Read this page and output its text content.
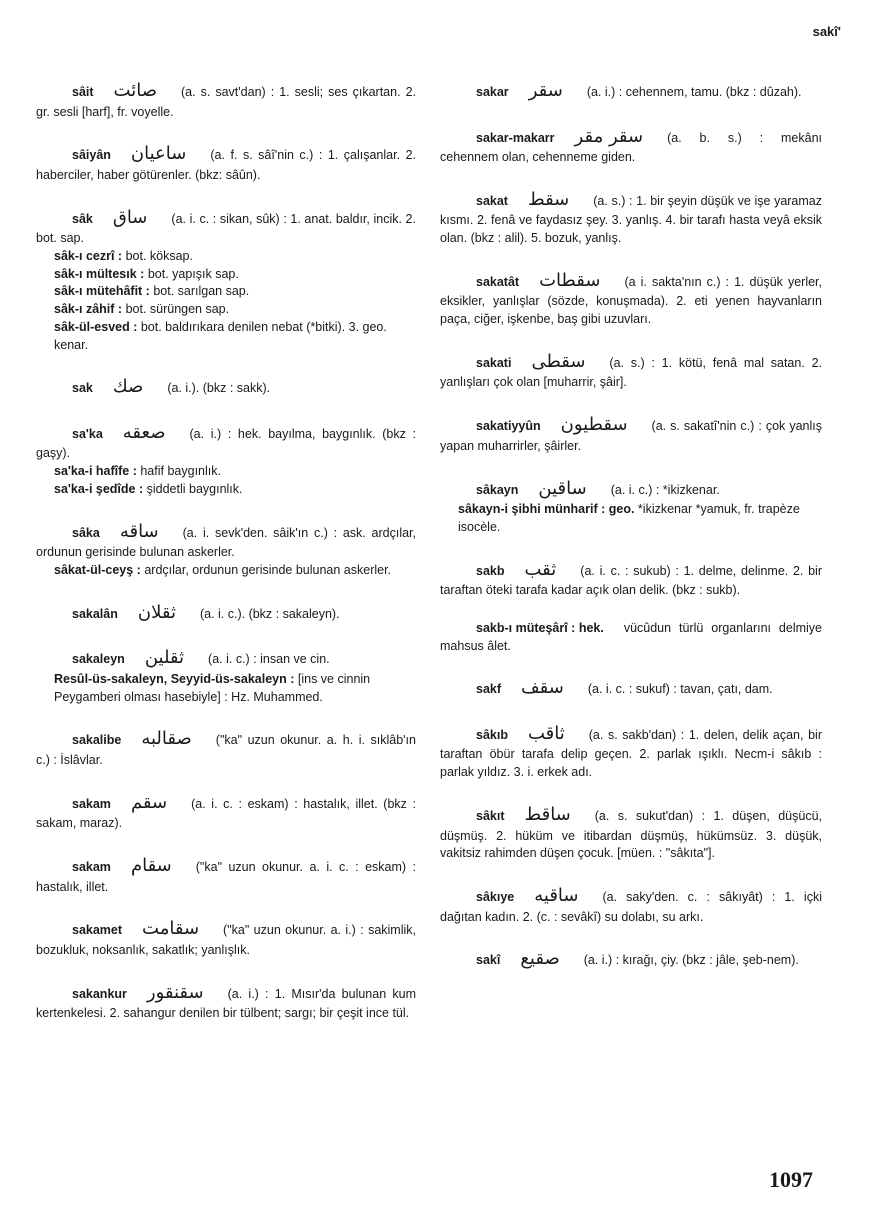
sakî'
sâit صائت (a. s. savt'dan) : 1. sesli; ses çıkartan. 2. gr. sesli [harf], fr. voyelle.
sâiyân ساعيان (a. f. s. sâî'nin c.) : 1. çalışanlar. 2. haberciler, haber götürenler. (bkz: sâûn).
sâk ساق (a. i. c. : sikan, sûk) : 1. anat. baldır, incik. 2. bot. sap.
sâk-ı cezrî : bot. köksap.
sâk-ı mültesık : bot. yapışık sap.
sâk-ı mütehâfit : bot. sarılgan sap.
sâk-ı zâhif : bot. sürüngen sap.
sâk-ül-esved : bot. baldırıkara denilen nebat (*bitki). 3. geo. kenar.
sak صك (a. i.). (bkz : sakk).
sa'ka صعقه (a. i.) : hek. bayılma, baygınlık. (bkz : gaşy).
sa'ka-i hafîfe : hafif baygınlık.
sa'ka-i şedîde : şiddetli baygınlık.
sâka ساقه (a. i. sevk'den. sâik'ın c.) : ask. ardçılar, ordunun gerisinde bulunan askerler.
sâkat-ül-ceyş : ardçılar, ordunun gerisinde bulunan askerler.
sakalân ثقلان (a. i. c.). (bkz : sakaleyn).
sakaleyn ثقلين (a. i. c.) : insan ve cin.
Resûl-üs-sakaleyn, Seyyid-üs-sakaleyn : [ins ve cinnin Peygamberi olması hasebiyle] : Hz. Muhammed.
sakalibe صقالبه ("ka" uzun okunur. a. h. i. sıklâb'ın c.) : İslâvlar.
sakam سقم (a. i. c. : eskam) : hastalık, illet. (bkz : sakam, maraz).
sakam سقام ("ka" uzun okunur. a. i. c. : eskam) : hastalık, illet.
sakamet سقامت ("ka" uzun okunur. a. i.) : sakimlik, bozukluk, noksanlık, sakatlık; yanlışlık.
sakankur سقنقور (a. i.) : 1. Mısır'da bulunan kum kertenkelesi. 2. sahangur denilen bir tülbent; sargı; bir çeşit ince tül.
sakar سقر (a. i.) : cehennem, tamu. (bkz : dûzah).
sakar-makarr سقر مقر (a. b. s.) : mekânı cehennem olan, cehenneme giden.
sakat سقط (a. s.) : 1. bir şeyin düşük ve işe yaramaz kısmı. 2. fenâ ve faydasız şey. 3. yanlış. 4. bir tarafı hasta veyâ eksik olan. (bkz : alil). 5. bozuk, yanlış.
sakatât سقطات (a i. sakta'nın c.) : 1. düşük yerler, eksikler, yanlışlar (sözde, konuşmada). 2. eti yenen hayvanların paça, ciğer, işkenbe, baş gibi uzuvları.
sakati سقطی (a. s.) : 1. kötü, fenâ mal satan. 2. yanlışları çok olan [muharrir, şâir].
sakatiyyûn سقطيون (a. s. sakatî'nin c.) : çok yanlış yapan muharrirler, şâirler.
sâkayn ساقين (a. i. c.) : *ikizkenar.
sâkayn-i şibhi münharif : geo. *ikizkenar *yamuk, fr. trapèze isocèle.
sakb ثقب (a. i. c. : sukub) : 1. delme, delinme. 2. bir taraftan öteki tarafa kadar açık olan delik. (bkz : sukb).
sakb-ı müteşârî : hek. vücûdun türlü organlarını delmiye mahsus âlet.
sakf سقف (a. i. c. : sukuf) : tavan, çatı, dam.
sâkıb ثاقب (a. s. sakb'dan) : 1. delen, delik açan, bir taraftan öbür tarafa delip geçen. 2. parlak ışıklı. Necm-i sâkıb : parlak yıldız. 3. i. erkek adı.
sâkıt ساقط (a. s. sukut'dan) : 1. düşen, düşücü, düşmüş. 2. hüküm ve itibardan düşmüş, hükümsüz. 3. düşük, vakitsiz rahimden düşen çocuk. [müen. : "sâkıta"].
sâkıye ساقيه (a. saky'den. c. : sâkıyât) : 1. içki dağıtan kadın. 2. (c. : sevâkî) su dolabı, su arkı.
sakî صقيع (a. i.) : kırağı, çiy. (bkz : jâle, şeb-nem).
1097
